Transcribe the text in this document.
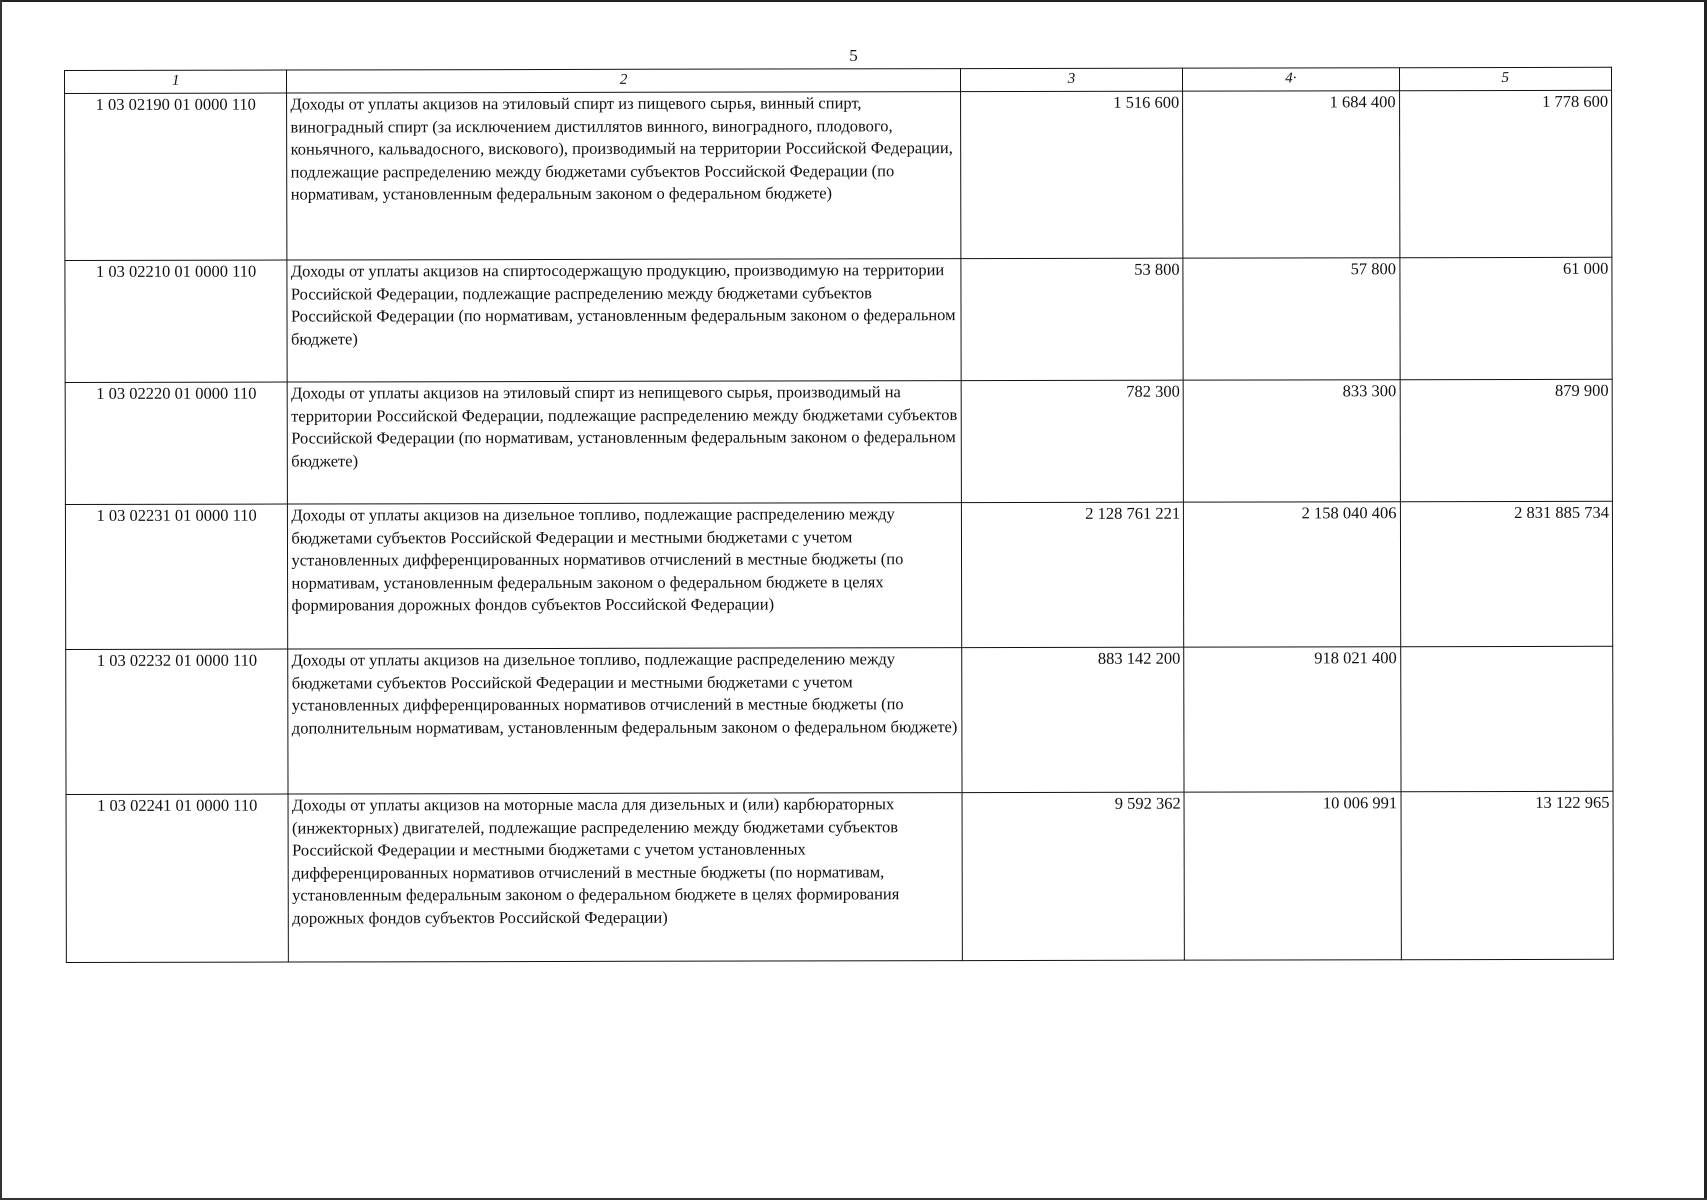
5
1	2	3	4·	5
1 03 02190 01 0000 110	Доходы от уплаты акцизов на этиловый спирт из пищевого сырья, винный спирт, виноградный спирт (за исключением дистиллятов винного, виноградного, плодового, коньячного, кальвадосного, вискового), производимый на территории Российской Федерации, подлежащие распределению между бюджетами субъектов Российской Федерации (по нормативам, установленным федеральным законом о федеральном бюджете)	1 516 600	1 684 400	1 778 600
1 03 02210 01 0000 110	Доходы от уплаты акцизов на спиртосодержащую продукцию, производимую на территории Российской Федерации, подлежащие распределению между бюджетами субъектов Российской Федерации (по нормативам, установленным федеральным законом о федеральном бюджете)	53 800	57 800	61 000
1 03 02220 01 0000 110	Доходы от уплаты акцизов на этиловый спирт из непищевого сырья, производимый на территории Российской Федерации, подлежащие распределению между бюджетами субъектов Российской Федерации (по нормативам, установленным федеральным законом о федеральном бюджете)	782 300	833 300	879 900
1 03 02231 01 0000 110	Доходы от уплаты акцизов на дизельное топливо, подлежащие распределению между бюджетами субъектов Российской Федерации и местными бюджетами с учетом установленных дифференцированных нормативов отчислений в местные бюджеты (по нормативам, установленным федеральным законом о федеральном бюджете в целях формирования дорожных фондов субъектов Российской Федерации)	2 128 761 221	2 158 040 406	2 831 885 734
1 03 02232 01 0000 110	Доходы от уплаты акцизов на дизельное топливо, подлежащие распределению между бюджетами субъектов Российской Федерации и местными бюджетами с учетом установленных дифференцированных нормативов отчислений в местные бюджеты (по дополнительным нормативам, установленным федеральным законом о федеральном бюджете)	883 142 200	918 021 400	
1 03 02241 01 0000 110	Доходы от уплаты акцизов на моторные масла для дизельных и (или) карбюраторных (инжекторных) двигателей, подлежащие распределению между бюджетами субъектов Российской Федерации и местными бюджетами с учетом установленных дифференцированных нормативов отчислений в местные бюджеты (по нормативам, установленным федеральным законом о федеральном бюджете в целях формирования дорожных фондов субъектов Российской Федерации)	9 592 362	10 006 991	13 122 965
